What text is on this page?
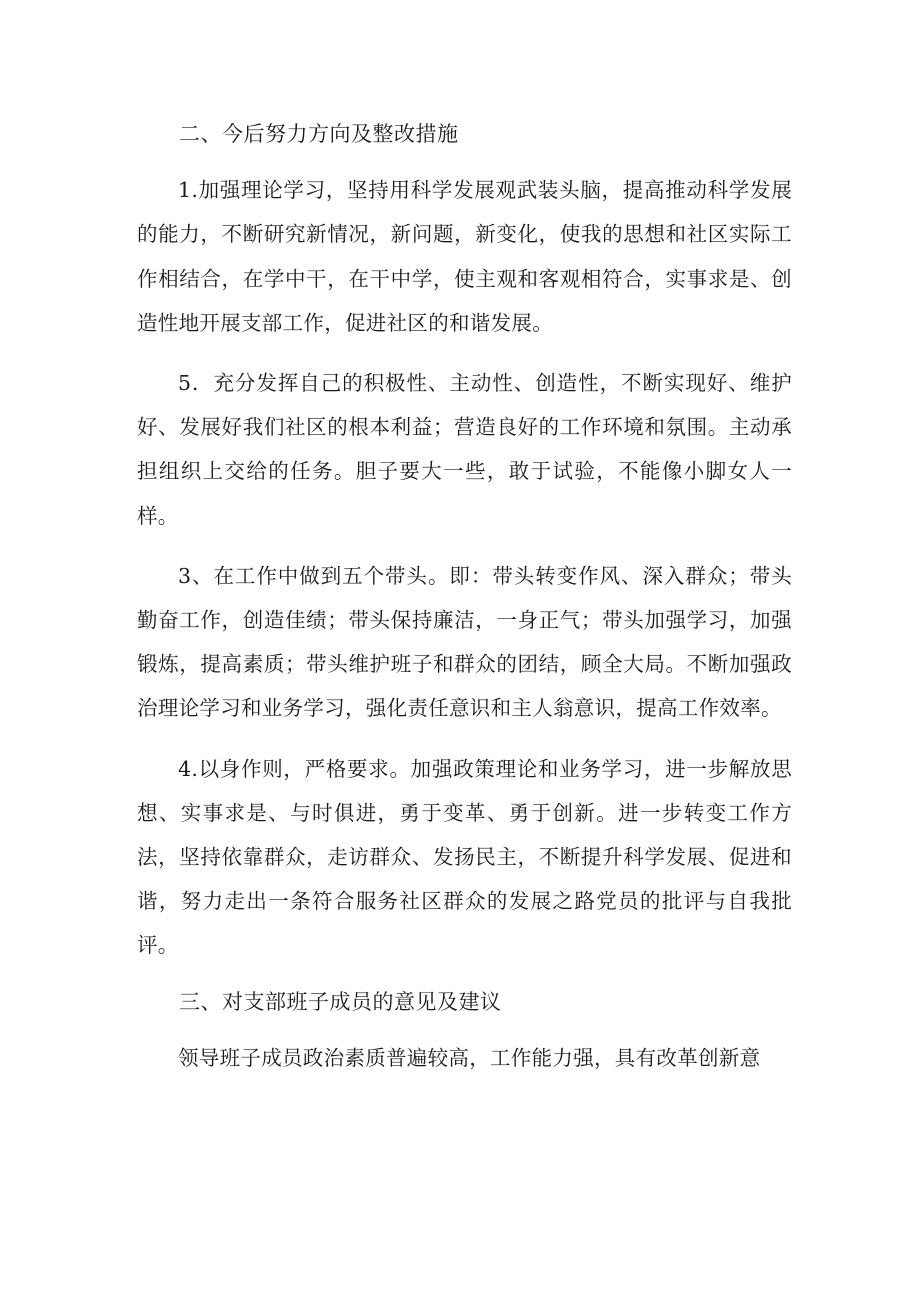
二、今后努力方向及整改措施

1.加强理论学习，坚持用科学发展观武装头脑，提高推动科学发展的能力，不断研究新情况，新问题，新变化，使我的思想和社区实际工作相结合，在学中干，在干中学，使主观和客观相符合，实事求是、创造性地开展支部工作，促进社区的和谐发展。

5．充分发挥自己的积极性、主动性、创造性，不断实现好、维护好、发展好我们社区的根本利益；营造良好的工作环境和氛围。主动承担组织上交给的任务。胆子要大一些，敢于试验，不能像小脚女人一样。

3、在工作中做到五个带头。即：带头转变作风、深入群众；带头勤奋工作，创造佳绩；带头保持廉洁，一身正气；带头加强学习，加强锻炼，提高素质；带头维护班子和群众的团结，顾全大局。不断加强政治理论学习和业务学习，强化责任意识和主人翁意识，提高工作效率。

4.以身作则，严格要求。加强政策理论和业务学习，进一步解放思想、实事求是、与时俱进，勇于变革、勇于创新。进一步转变工作方法，坚持依靠群众，走访群众、发扬民主，不断提升科学发展、促进和谐，努力走出一条符合服务社区群众的发展之路党员的批评与自我批评。

三、对支部班子成员的意见及建议

领导班子成员政治素质普遍较高，工作能力强，具有改革创新意
